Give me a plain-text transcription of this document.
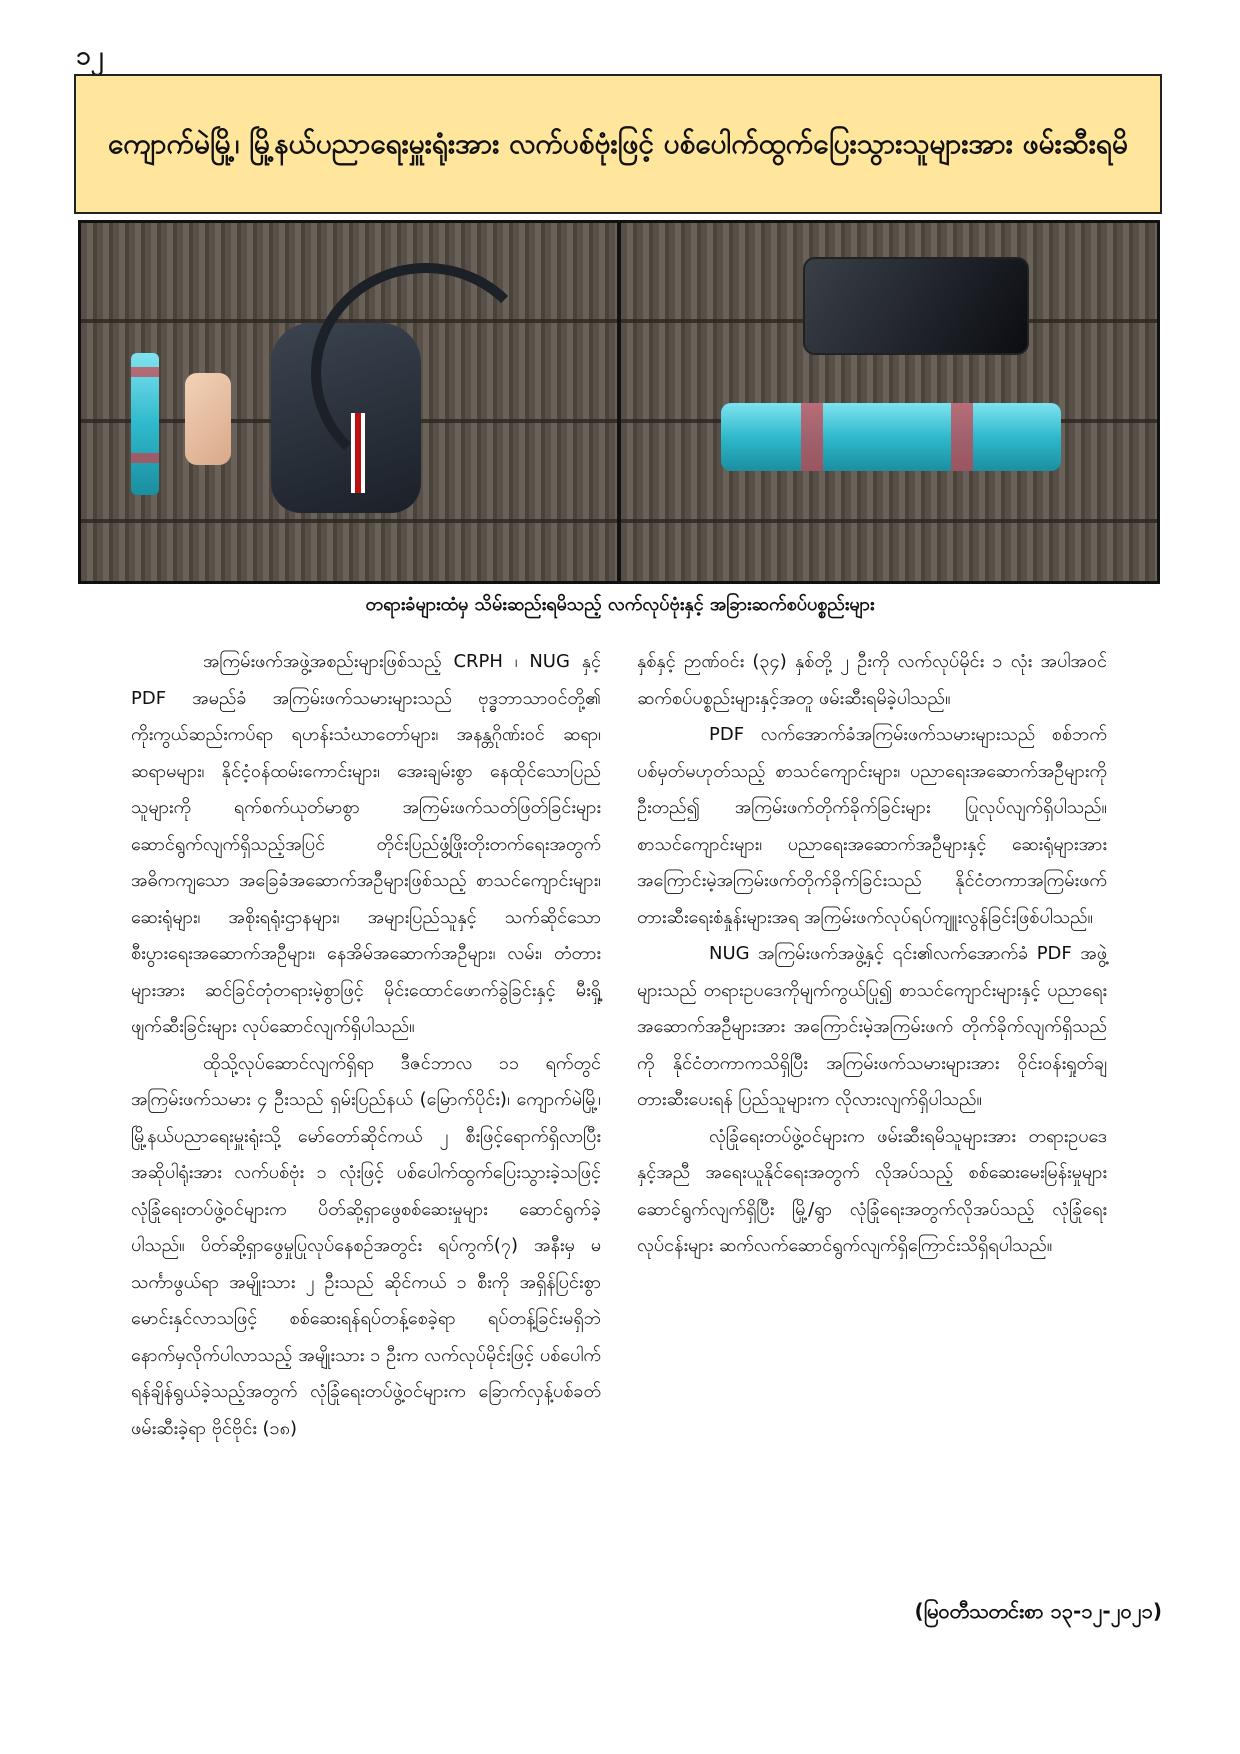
၁၂
ကျောက်မဲမြို့၊ မြို့နယ်ပညာရေးမှူးရုံးအား လက်ပစ်ဗုံးဖြင့် ပစ်ပေါက်ထွက်ပြေးသွားသူများအား ဖမ်းဆီးရမိ
တရားခံများထံမှ သိမ်းဆည်းရမိသည့် လက်လုပ်ဗုံးနှင့် အခြားဆက်စပ်ပစ္စည်းများ

အကြမ်းဖက်အဖွဲ့အစည်းများဖြစ်သည့် CRPH ၊ NUG နှင့် PDF အမည်ခံ အကြမ်းဖက်သမားများသည် ဗုဒ္ဓဘာသာဝင်တို့၏ ကိုးကွယ်ဆည်းကပ်ရာ ရဟန်းသံဃာတော်များ၊ အနန္တဂိုဏ်းဝင် ဆရာ၊ ဆရာမများ၊ နိုင်ငံ့ဝန်ထမ်းကောင်းများ၊ အေးချမ်းစွာ နေထိုင်သောပြည်သူများကို ရက်စက်ယုတ်မာစွာ အကြမ်းဖက်သတ်ဖြတ်ခြင်းများ ဆောင်ရွက်လျက်ရှိသည့်အပြင် တိုင်းပြည်ဖွံ့ဖြိုးတိုးတက်ရေးအတွက် အဓိကကျသော အခြေခံအဆောက်အဦများဖြစ်သည့် စာသင်ကျောင်းများ၊ ဆေးရုံများ၊ အစိုးရရုံးဌာနများ၊ အများပြည်သူနှင့် သက်ဆိုင်သော စီးပွားရေးအဆောက်အဦများ၊ နေအိမ်အဆောက်အဦများ၊ လမ်း၊ တံတားများအား ဆင်ခြင်တုံတရားမဲ့စွာဖြင့် မိုင်းထောင်ဖောက်ခွဲခြင်းနှင့် မီးရှို့ဖျက်ဆီးခြင်းများ လုပ်ဆောင်လျက်ရှိပါသည်။

ထိုသို့လုပ်ဆောင်လျက်ရှိရာ ဒီဇင်ဘာလ ၁၁ ရက်တွင် အကြမ်းဖက်သမား ၄ ဦးသည် ရှမ်းပြည်နယ် (မြောက်ပိုင်း)၊ ကျောက်မဲမြို့၊ မြို့နယ်ပညာရေးမှူးရုံးသို့ မော်တော်ဆိုင်ကယ် ၂ စီးဖြင့်ရောက်ရှိလာပြီး အဆိုပါရုံးအား လက်ပစ်ဗုံး ၁ လုံးဖြင့် ပစ်ပေါက်ထွက်ပြေးသွားခဲ့သဖြင့် လုံခြုံရေးတပ်ဖွဲ့ဝင်များက ပိတ်ဆို့ရှာဖွေစစ်ဆေးမှုများ ဆောင်ရွက်ခဲ့ပါသည်။ ပိတ်ဆို့ရှာဖွေမှုပြုလုပ်နေစဉ်အတွင်း ရပ်ကွက်(၇) အနီးမှ မသင်္ကာဖွယ်ရာ အမျိုးသား ၂ ဦးသည် ဆိုင်ကယ် ၁ စီးကို အရှိန်ပြင်းစွာ မောင်းနှင်လာသဖြင့် စစ်ဆေးရန်ရပ်တန့်စေခဲ့ရာ ရပ်တန့်ခြင်းမရှိဘဲ နောက်မှလိုက်ပါလာသည့် အမျိုးသား ၁ ဦးက လက်လုပ်မိုင်းဖြင့် ပစ်ပေါက်ရန်ချိန်ရွယ်ခဲ့သည့်အတွက် လုံခြုံရေးတပ်ဖွဲ့ဝင်များက ခြောက်လှန့်ပစ်ခတ်ဖမ်းဆီးခဲ့ရာ ဗိုင်ဗိုင်း (၁၈)

နှစ်နှင့် ဉာဏ်ဝင်း (၃၄) နှစ်တို့ ၂ ဦးကို လက်လုပ်မိုင်း ၁ လုံး အပါအဝင် ဆက်စပ်ပစ္စည်းများနှင့်အတူ ဖမ်းဆီးရမိခဲ့ပါသည်။

PDF လက်အောက်ခံအကြမ်းဖက်သမားများသည် စစ်ဘက်ပစ်မှတ်မဟုတ်သည့် စာသင်ကျောင်းများ၊ ပညာရေးအဆောက်အဦများကိုဦးတည်၍ အကြမ်းဖက်တိုက်ခိုက်ခြင်းများ ပြုလုပ်လျက်ရှိပါသည်။ စာသင်ကျောင်းများ၊ ပညာရေးအဆောက်အဦများနှင့် ဆေးရုံများအား အကြောင်းမဲ့အကြမ်းဖက်တိုက်ခိုက်ခြင်းသည် နိုင်ငံတကာအကြမ်းဖက်တားဆီးရေးစံနှုန်းများအရ အကြမ်းဖက်လုပ်ရပ်ကျူးလွန်ခြင်းဖြစ်ပါသည်။

NUG အကြမ်းဖက်အဖွဲ့နှင့် ၎င်း၏လက်အောက်ခံ PDF အဖွဲ့များသည် တရားဥပဒေကိုမျက်ကွယ်ပြု၍ စာသင်ကျောင်းများနှင့် ပညာရေးအဆောက်အဦများအား အကြောင်းမဲ့အကြမ်းဖက် တိုက်ခိုက်လျက်ရှိသည်ကို နိုင်ငံတကာကသိရှိပြီး အကြမ်းဖက်သမားများအား ဝိုင်းဝန်းရှုတ်ချတားဆီးပေးရန် ပြည်သူများက လိုလားလျက်ရှိပါသည်။

လုံခြုံရေးတပ်ဖွဲ့ဝင်များက ဖမ်းဆီးရမိသူများအား တရားဥပဒေနှင့်အညီ အရေးယူနိုင်ရေးအတွက် လိုအပ်သည့် စစ်ဆေးမေးမြန်းမှုများ ဆောင်ရွက်လျက်ရှိပြီး မြို့/ရွာ လုံခြုံရေးအတွက်လိုအပ်သည့် လုံခြုံရေးလုပ်ငန်းများ ဆက်လက်ဆောင်ရွက်လျက်ရှိကြောင်းသိရှိရပါသည်။

(မြဝတီသတင်းစာ ၁၃-၁၂-၂၀၂၁)
